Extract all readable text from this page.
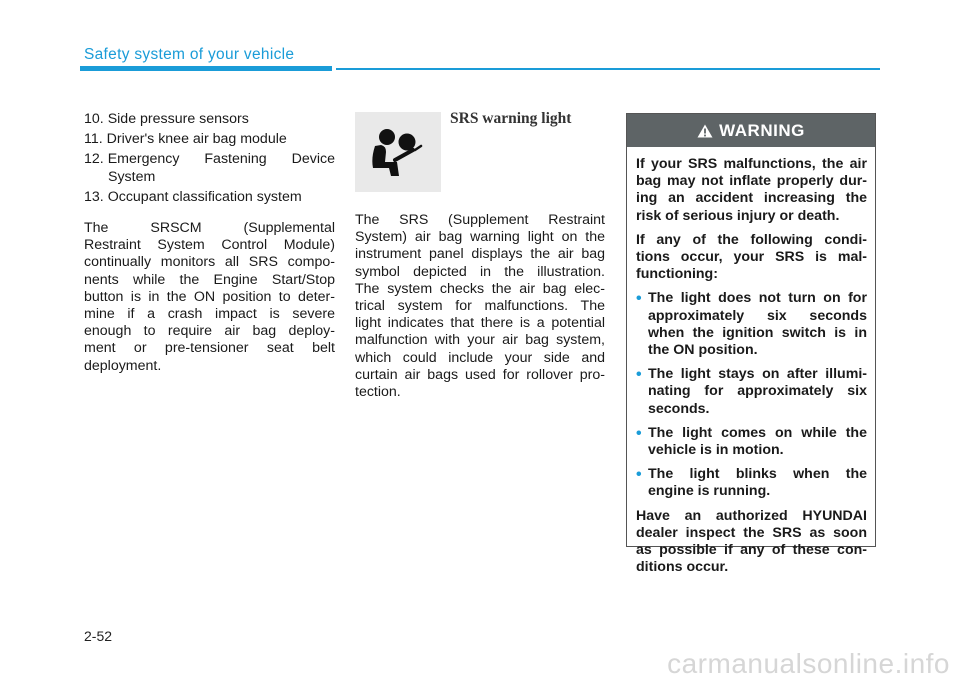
Safety system of your vehicle
10.
Side pressure sensors
11.
Driver's knee air bag module
12.
Emergency Fastening Device
System
13.
Occupant classification system
The SRSCM (Supplemental
Restraint System Control Module)
continually monitors all SRS compo-
nents while the Engine Start/Stop
button is in the ON position to deter-
mine if a crash impact is severe
enough to require air bag deploy-
ment or pre-tensioner seat belt
deployment.
SRS warning light
The SRS (Supplement Restraint
System) air bag warning light on the
instrument panel displays the air bag
symbol depicted in the illustration.
The system checks the air bag elec-
trical system for malfunctions. The
light indicates that there is a potential
malfunction with your air bag system,
which could include your side and
curtain air bags used for rollover pro-
tection.
WARNING
If your SRS malfunctions, the air
bag may not inflate properly dur-
ing an accident increasing the
risk of serious injury or death.
If any of the following condi-
tions occur, your SRS is mal-
functioning:
• The light does not turn on for
approximately six seconds
when the ignition switch is in
the ON position.
• The light stays on after illumi-
nating for approximately six
seconds.
• The light comes on while the
vehicle is in motion.
• The light blinks when the
engine is running.
Have an authorized HYUNDAI
dealer inspect the SRS as soon
as possible if any of these con-
ditions occur.
2-52
carmanualsonline.info
